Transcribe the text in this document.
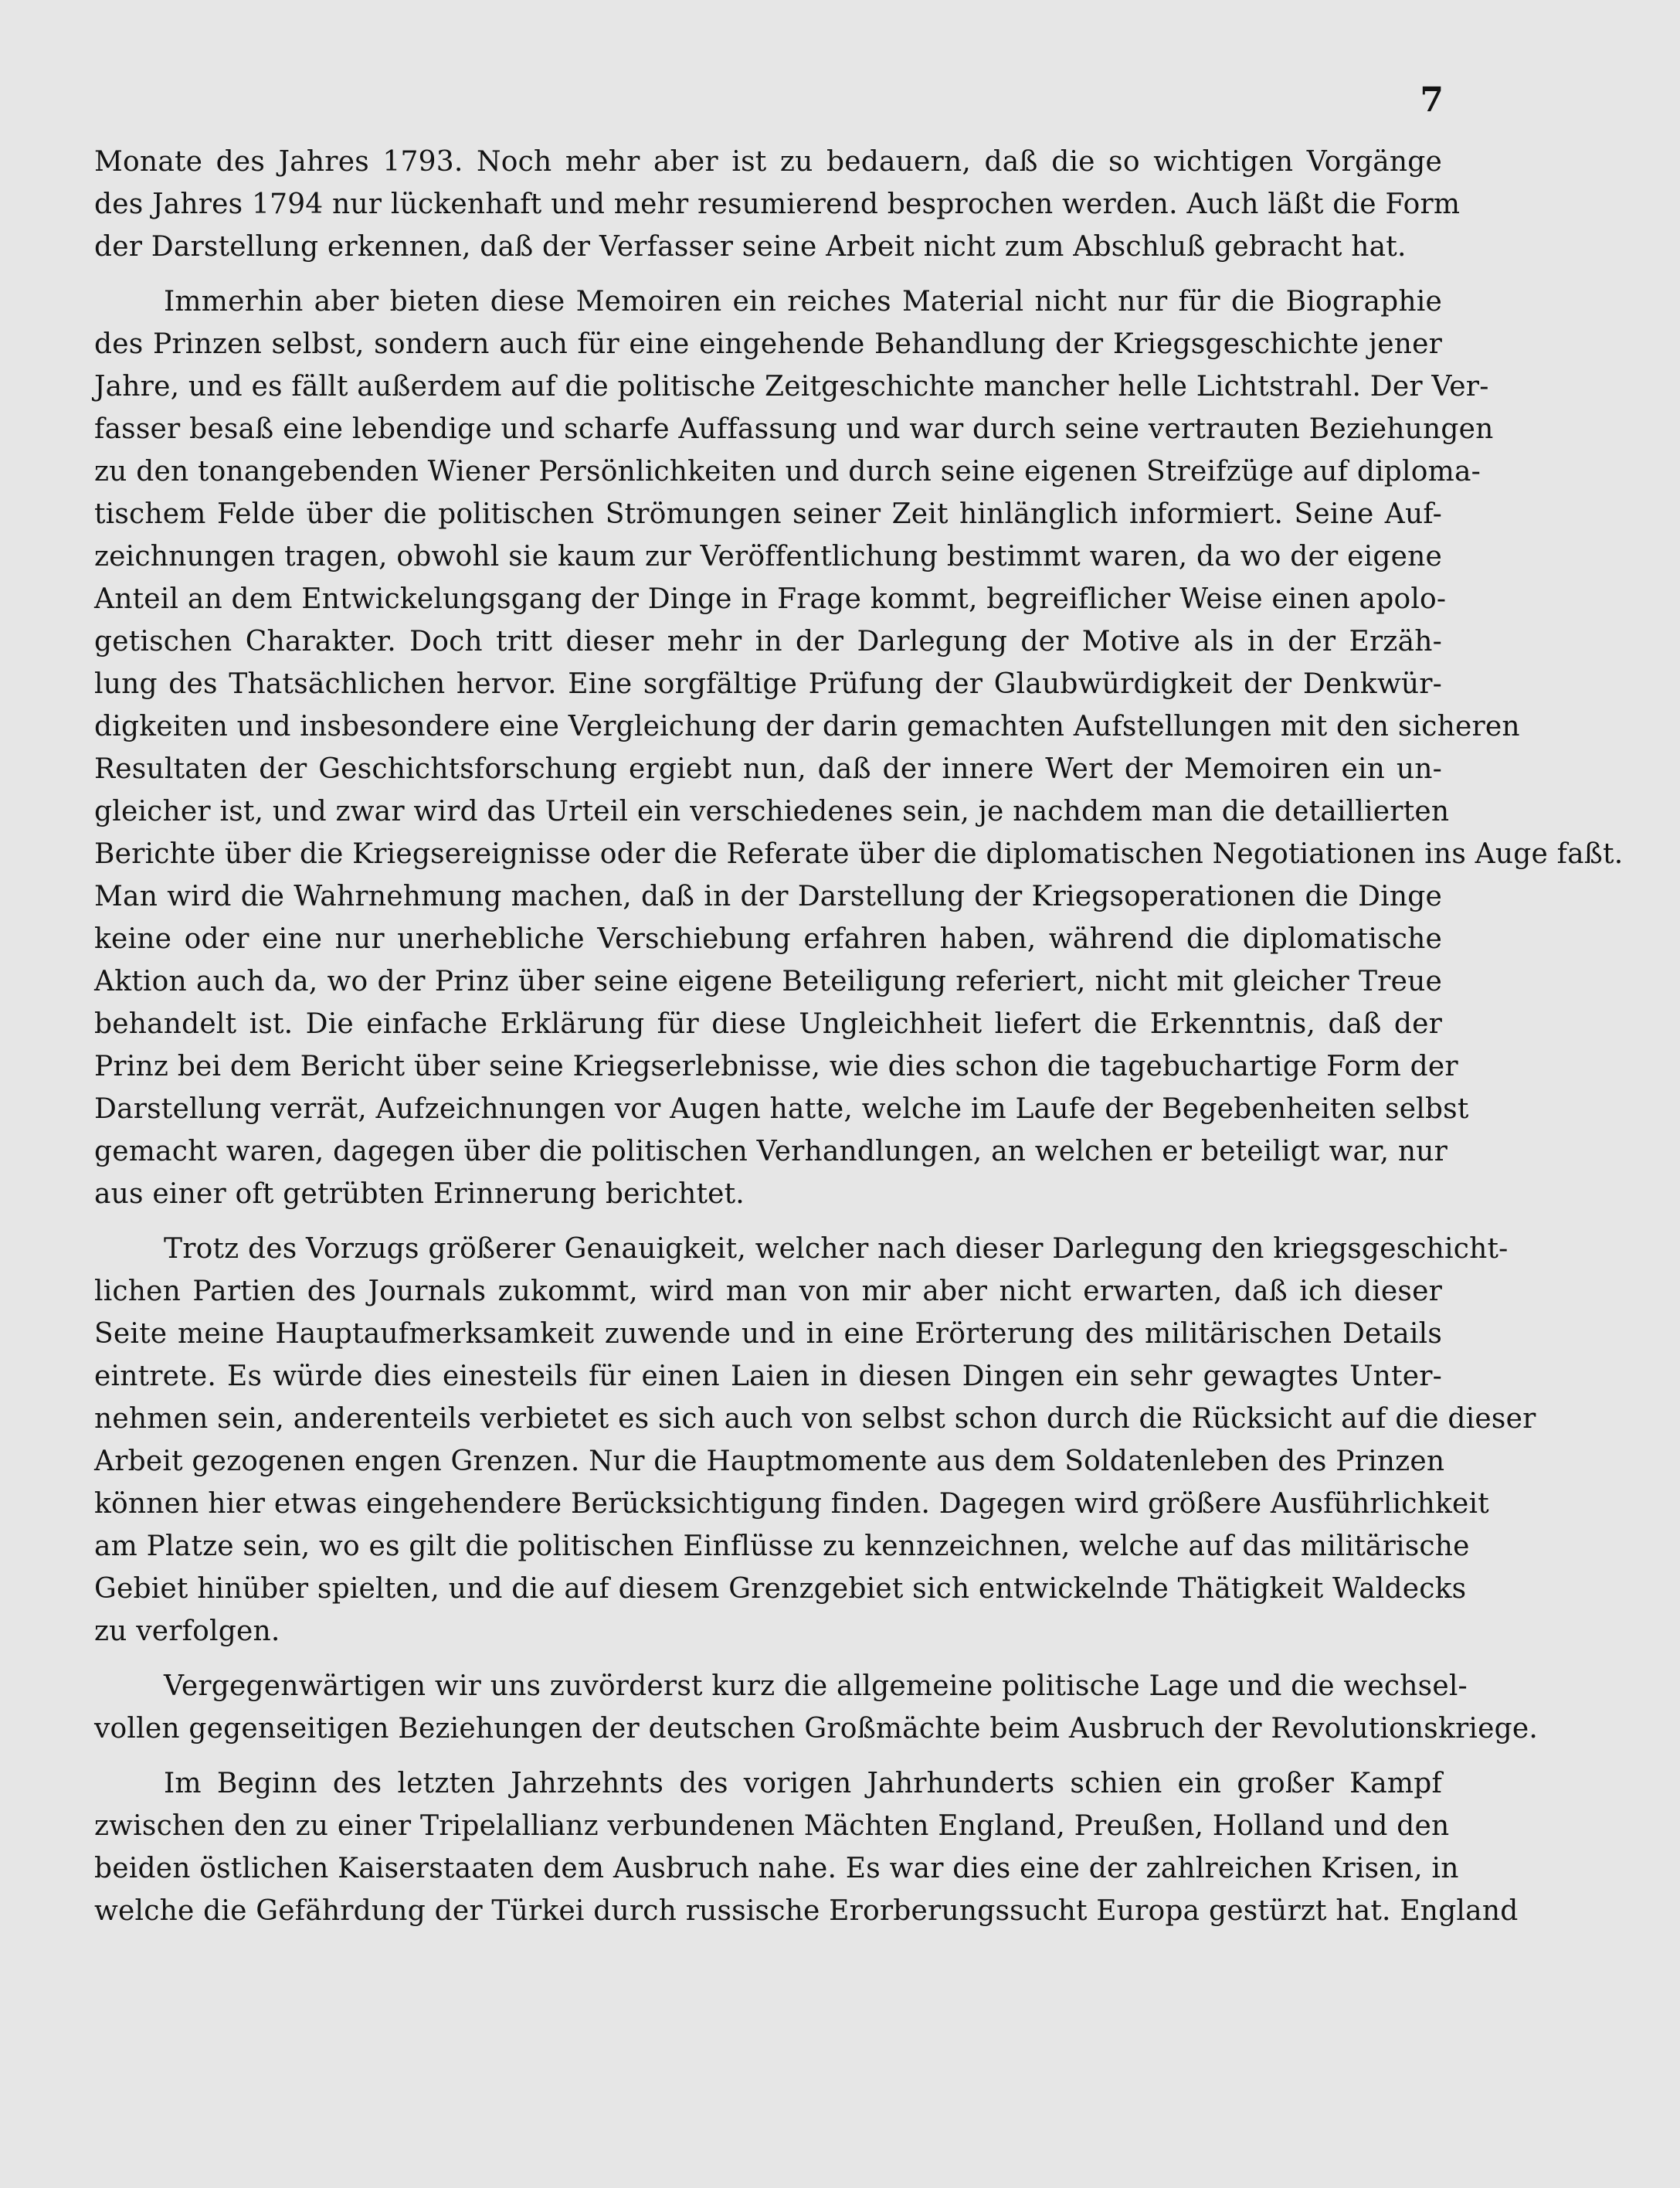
7
Monate des Jahres 1793. Noch mehr aber ist zu bedauern, daß die so wichtigen Vorgänge
des Jahres 1794 nur lückenhaft und mehr resumierend besprochen werden. Auch läßt die Form
der Darstellung erkennen, daß der Verfasser seine Arbeit nicht zum Abschluß gebracht hat.
Immerhin aber bieten diese Memoiren ein reiches Material nicht nur für die Biographie
des Prinzen selbst, sondern auch für eine eingehende Behandlung der Kriegsgeschichte jener
Jahre, und es fällt außerdem auf die politische Zeitgeschichte mancher helle Lichtstrahl. Der Ver-
fasser besaß eine lebendige und scharfe Auffassung und war durch seine vertrauten Beziehungen
zu den tonangebenden Wiener Persönlichkeiten und durch seine eigenen Streifzüge auf diploma-
tischem Felde über die politischen Strömungen seiner Zeit hinlänglich informiert. Seine Auf-
zeichnungen tragen, obwohl sie kaum zur Veröffentlichung bestimmt waren, da wo der eigene
Anteil an dem Entwickelungsgang der Dinge in Frage kommt, begreiflicher Weise einen apolo-
getischen Charakter. Doch tritt dieser mehr in der Darlegung der Motive als in der Erzäh-
lung des Thatsächlichen hervor. Eine sorgfältige Prüfung der Glaubwürdigkeit der Denkwür-
digkeiten und insbesondere eine Vergleichung der darin gemachten Aufstellungen mit den sicheren
Resultaten der Geschichtsforschung ergiebt nun, daß der innere Wert der Memoiren ein un-
gleicher ist, und zwar wird das Urteil ein verschiedenes sein, je nachdem man die detaillierten
Berichte über die Kriegsereignisse oder die Referate über die diplomatischen Negotiationen ins Auge faßt.
Man wird die Wahrnehmung machen, daß in der Darstellung der Kriegsoperationen die Dinge
keine oder eine nur unerhebliche Verschiebung erfahren haben, während die diplomatische
Aktion auch da, wo der Prinz über seine eigene Beteiligung referiert, nicht mit gleicher Treue
behandelt ist. Die einfache Erklärung für diese Ungleichheit liefert die Erkenntnis, daß der
Prinz bei dem Bericht über seine Kriegserlebnisse, wie dies schon die tagebuchartige Form der
Darstellung verrät, Aufzeichnungen vor Augen hatte, welche im Laufe der Begebenheiten selbst
gemacht waren, dagegen über die politischen Verhandlungen, an welchen er beteiligt war, nur
aus einer oft getrübten Erinnerung berichtet.
Trotz des Vorzugs größerer Genauigkeit, welcher nach dieser Darlegung den kriegsgeschicht-
lichen Partien des Journals zukommt, wird man von mir aber nicht erwarten, daß ich dieser
Seite meine Hauptaufmerksamkeit zuwende und in eine Erörterung des militärischen Details
eintrete. Es würde dies einesteils für einen Laien in diesen Dingen ein sehr gewagtes Unter-
nehmen sein, anderenteils verbietet es sich auch von selbst schon durch die Rücksicht auf die dieser
Arbeit gezogenen engen Grenzen. Nur die Hauptmomente aus dem Soldatenleben des Prinzen
können hier etwas eingehendere Berücksichtigung finden. Dagegen wird größere Ausführlichkeit
am Platze sein, wo es gilt die politischen Einflüsse zu kennzeichnen, welche auf das militärische
Gebiet hinüber spielten, und die auf diesem Grenzgebiet sich entwickelnde Thätigkeit Waldecks
zu verfolgen.
Vergegenwärtigen wir uns zuvörderst kurz die allgemeine politische Lage und die wechsel-
vollen gegenseitigen Beziehungen der deutschen Großmächte beim Ausbruch der Revolutionskriege.
Im Beginn des letzten Jahrzehnts des vorigen Jahrhunderts schien ein großer Kampf
zwischen den zu einer Tripelallianz verbundenen Mächten England, Preußen, Holland und den
beiden östlichen Kaiserstaaten dem Ausbruch nahe. Es war dies eine der zahlreichen Krisen, in
welche die Gefährdung der Türkei durch russische Erorberungssucht Europa gestürzt hat. England
